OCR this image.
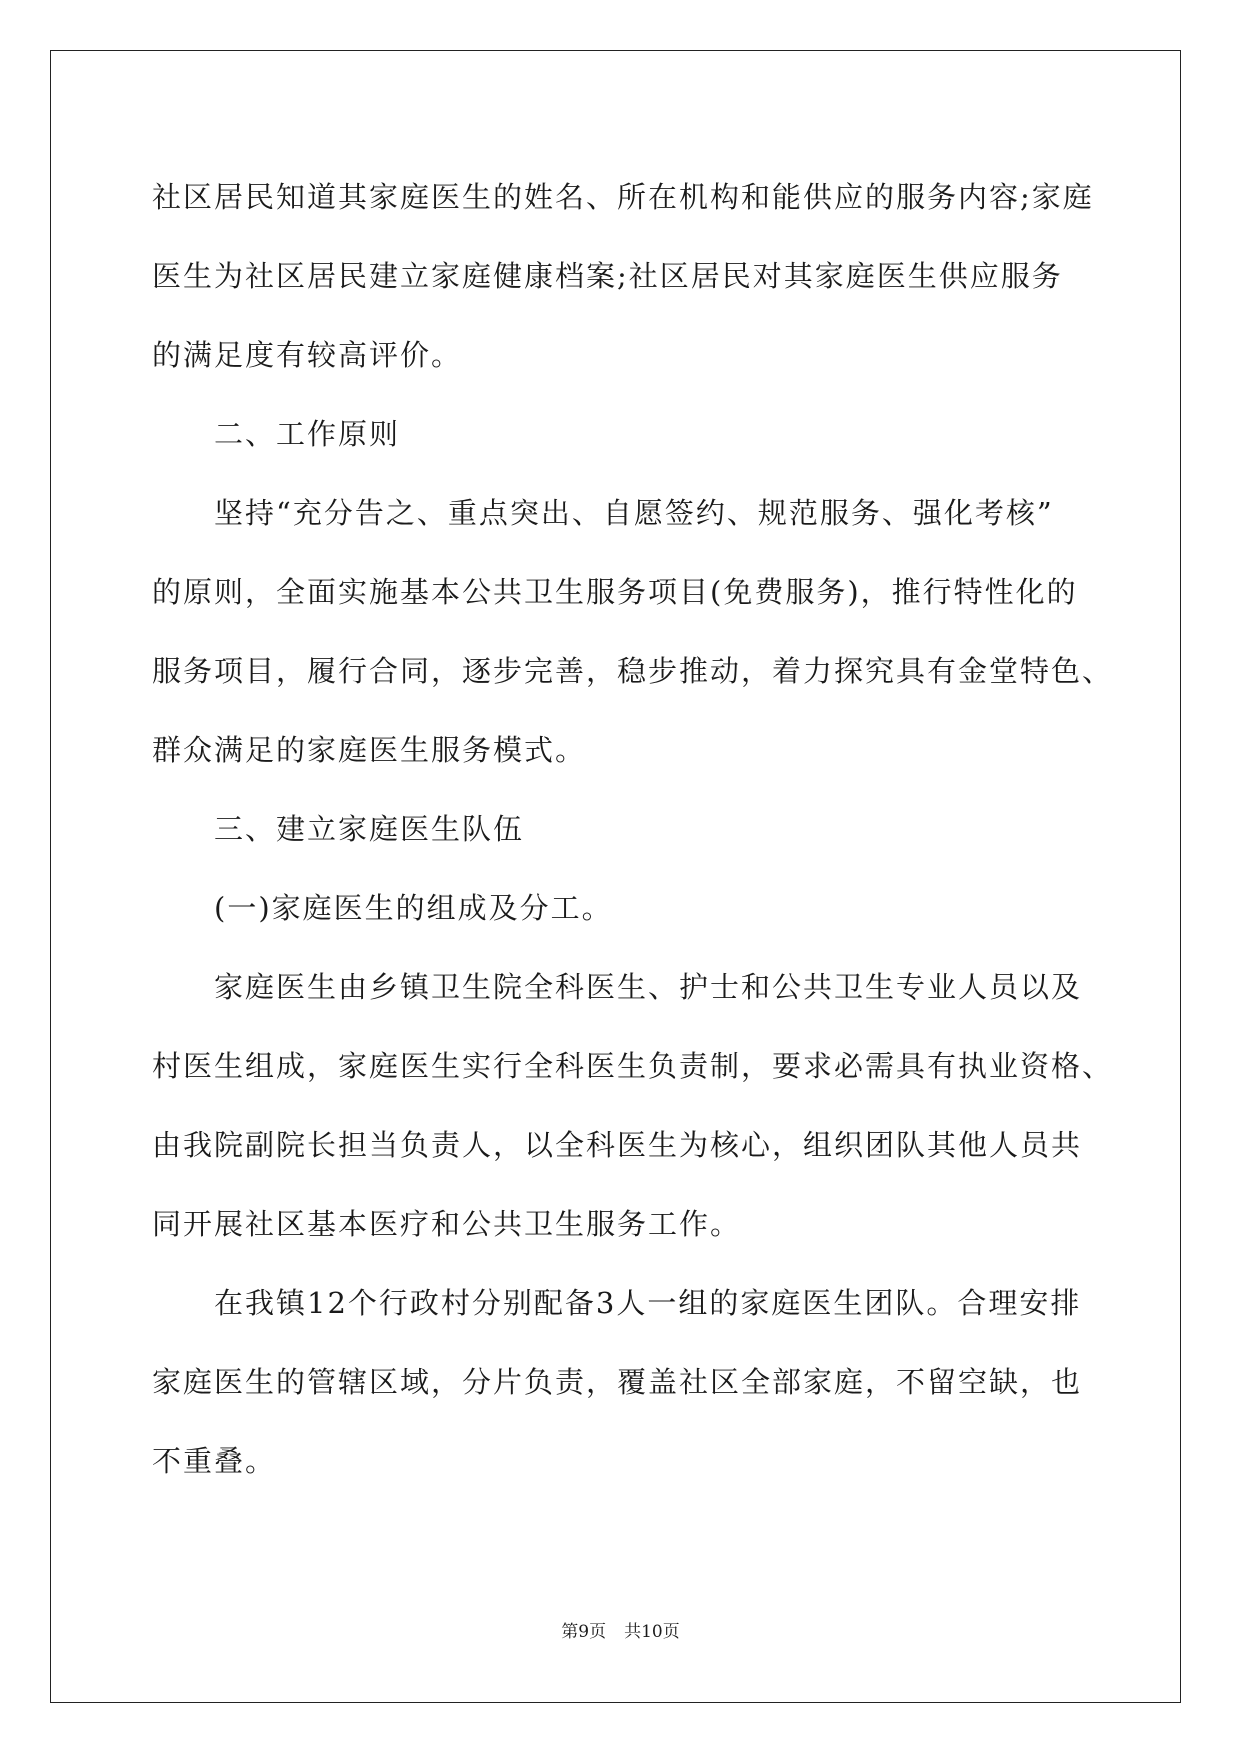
社区居民知道其家庭医生的姓名、所在机构和能供应的服务内容;家庭
医生为社区居民建立家庭健康档案;社区居民对其家庭医生供应服务
的满足度有较高评价。
二、工作原则
坚持“充分告之、重点突出、自愿签约、规范服务、强化考核”
的原则，全面实施基本公共卫生服务项目(免费服务)，推行特性化的
服务项目，履行合同，逐步完善，稳步推动，着力探究具有金堂特色、
群众满足的家庭医生服务模式。
三、建立家庭医生队伍
(一)家庭医生的组成及分工。
家庭医生由乡镇卫生院全科医生、护士和公共卫生专业人员以及
村医生组成，家庭医生实行全科医生负责制，要求必需具有执业资格、
由我院副院长担当负责人，以全科医生为核心，组织团队其他人员共
同开展社区基本医疗和公共卫生服务工作。
在我镇12个行政村分别配备3人一组的家庭医生团队。合理安排
家庭医生的管辖区域，分片负责，覆盖社区全部家庭，不留空缺，也
不重叠。
第9页 共10页
